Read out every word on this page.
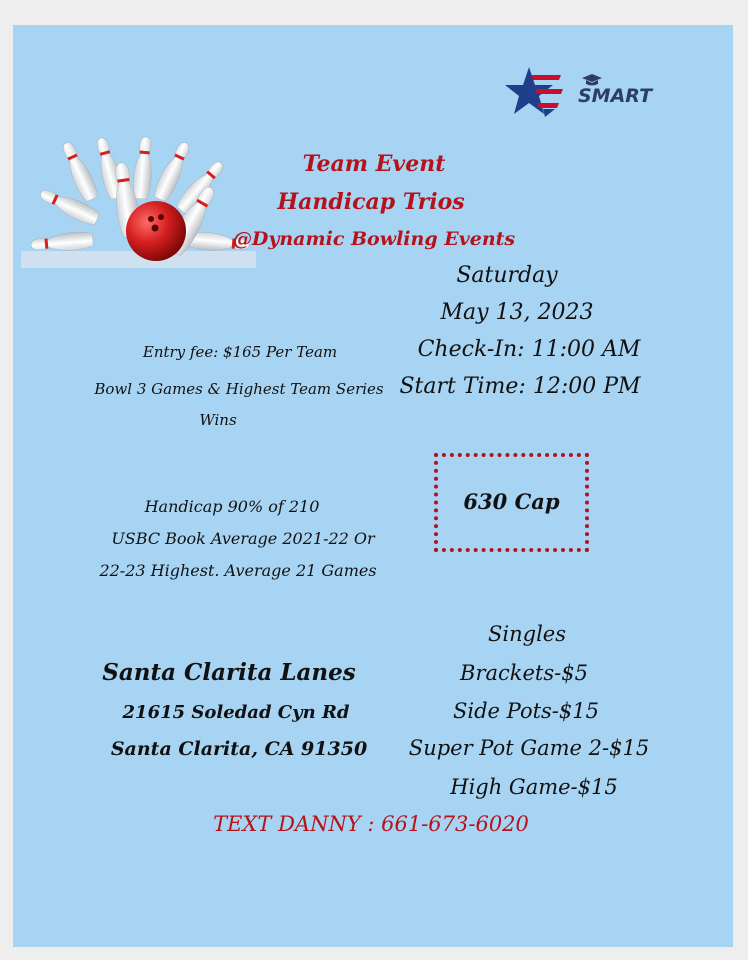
SMART
Team Event
Handicap Trios
@Dynamic Bowling Events
Saturday
May 13, 2023
Check-In: 11:00 AM
Start Time: 12:00 PM
Entry fee: $165 Per Team
Bowl 3 Games & Highest Team Series
Wins
Handicap 90% of 210
USBC Book Average 2021-22 Or
22-23 Highest. Average 21 Games
630 Cap
Santa Clarita Lanes
21615 Soledad Cyn Rd
Santa Clarita, CA 91350
Singles
Brackets-$5
Side Pots-$15
Super Pot Game 2-$15
High Game-$15
TEXT DANNY : 661-673-6020
